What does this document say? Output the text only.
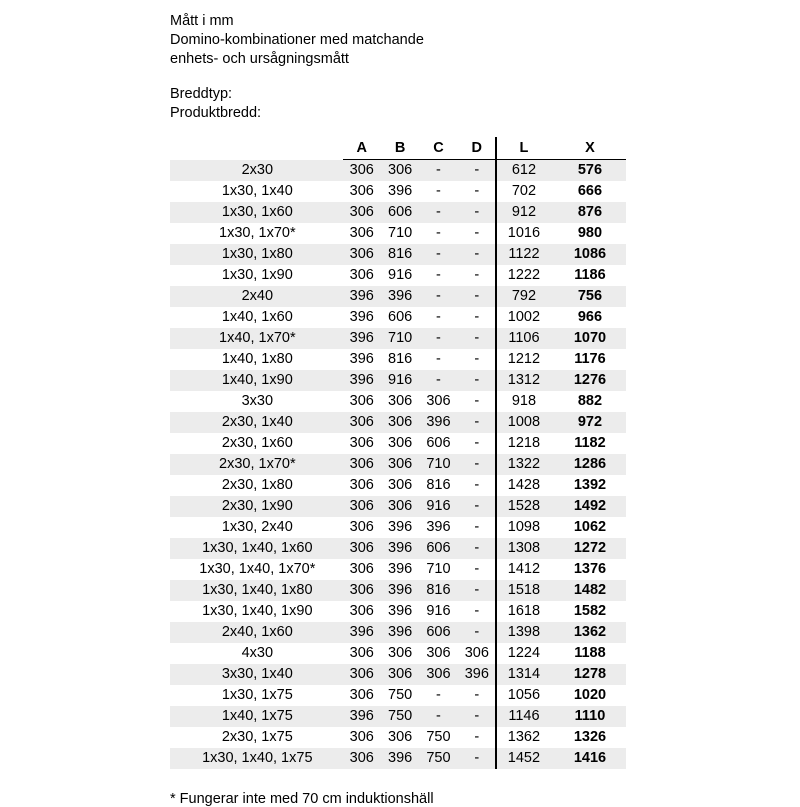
Mått i mm
Domino-kombinationer med matchande
enhets- och ursågningsmått
Breddtyp:
Produktbredd:
	A	B	C	D	L	X
2x30	306	306	-	-	612	576
1x30, 1x40	306	396	-	-	702	666
1x30, 1x60	306	606	-	-	912	876
1x30, 1x70*	306	710	-	-	1016	980
1x30, 1x80	306	816	-	-	1122	1086
1x30, 1x90	306	916	-	-	1222	1186
2x40	396	396	-	-	792	756
1x40, 1x60	396	606	-	-	1002	966
1x40, 1x70*	396	710	-	-	1106	1070
1x40, 1x80	396	816	-	-	1212	1176
1x40, 1x90	396	916	-	-	1312	1276
3x30	306	306	306	-	918	882
2x30, 1x40	306	306	396	-	1008	972
2x30, 1x60	306	306	606	-	1218	1182
2x30, 1x70*	306	306	710	-	1322	1286
2x30, 1x80	306	306	816	-	1428	1392
2x30, 1x90	306	306	916	-	1528	1492
1x30, 2x40	306	396	396	-	1098	1062
1x30, 1x40, 1x60	306	396	606	-	1308	1272
1x30, 1x40, 1x70*	306	396	710	-	1412	1376
1x30, 1x40, 1x80	306	396	816	-	1518	1482
1x30, 1x40, 1x90	306	396	916	-	1618	1582
2x40, 1x60	396	396	606	-	1398	1362
4x30	306	306	306	306	1224	1188
3x30, 1x40	306	306	306	396	1314	1278
1x30, 1x75	306	750	-	-	1056	1020
1x40, 1x75	396	750	-	-	1146	1110
2x30, 1x75	306	306	750	-	1362	1326
1x30, 1x40, 1x75	306	396	750	-	1452	1416
* Fungerar inte med 70 cm induktionshäll
